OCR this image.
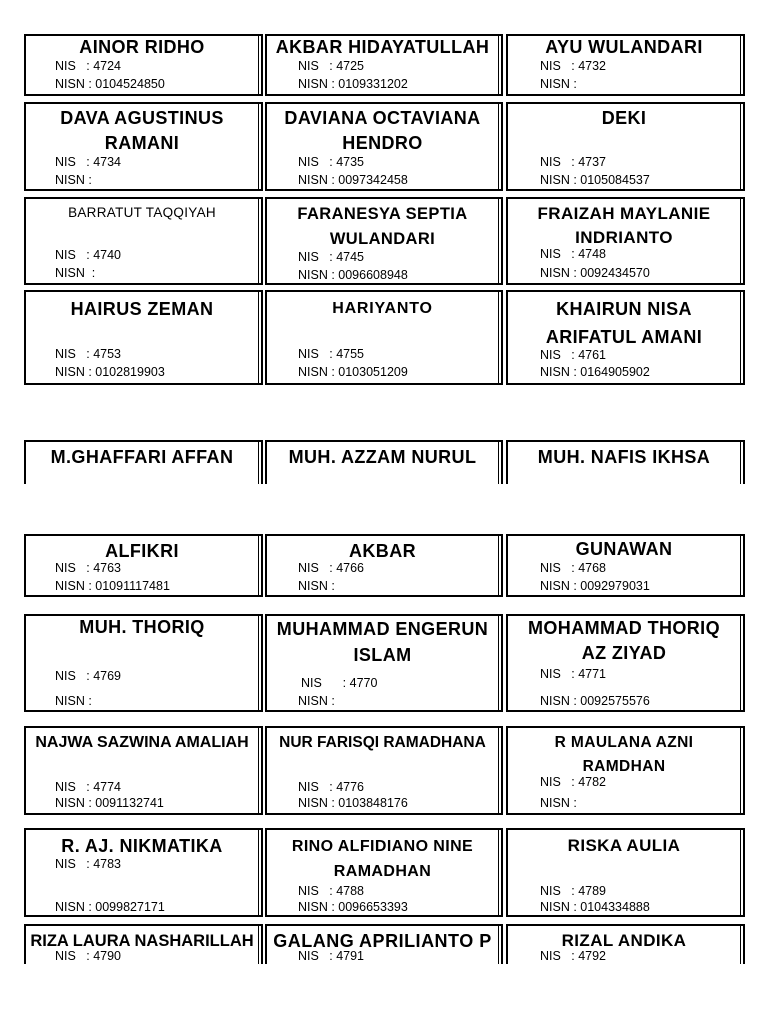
AINOR RIDHO
NIS   : 4724
NISN : 0104524850
AKBAR HIDAYATULLAH
NIS   : 4725
NISN : 0109331202
AYU WULANDARI
NIS   : 4732
NISN :
DAVA AGUSTINUS
RAMANI
NIS   : 4734
NISN :
DAVIANA OCTAVIANA
HENDRO
NIS   : 4735
NISN : 0097342458
DEKI
NIS   : 4737
NISN : 0105084537
BARRATUT TAQQIYAH
NIS   : 4740
NISN  :
FARANESYA SEPTIA
WULANDARI
NIS   : 4745
NISN : 0096608948
FRAIZAH MAYLANIE
INDRIANTO
NIS   : 4748
NISN : 0092434570
HAIRUS ZEMAN
NIS   : 4753
NISN : 0102819903
HARIYANTO
NIS   : 4755
NISN : 0103051209
KHAIRUN NISA
ARIFATUL AMANI
NIS   : 4761
NISN : 0164905902
M.GHAFFARI AFFAN	MUH. AZZAM NURUL	MUH. NAFIS IKHSA
ALFIKRI
NIS   : 4763
NISN : 01091117481
AKBAR
NIS   : 4766
NISN :
GUNAWAN
NIS   : 4768
NISN : 0092979031
MUH. THORIQ
NIS   : 4769
NISN :
MUHAMMAD ENGERUN
ISLAM
NIS      : 4770
NISN :
MOHAMMAD THORIQ
AZ ZIYAD
NIS   : 4771
NISN : 0092575576
NAJWA SAZWINA AMALIAH
NIS   : 4774
NISN : 0091132741
NUR FARISQI RAMADHANA
NIS   : 4776
NISN : 0103848176
R MAULANA AZNI
RAMDHAN
NIS   : 4782
NISN :
R. AJ. NIKMATIKA
NIS   : 4783
NISN : 0099827171
RINO ALFIDIANO NINE
RAMADHAN
NIS   : 4788
NISN : 0096653393
RISKA AULIA
NIS   : 4789
NISN : 0104334888
RIZA LAURA NASHARILLAH
NIS   : 4790
GALANG APRILIANTO P
NIS   : 4791
RIZAL ANDIKA
NIS   : 4792
